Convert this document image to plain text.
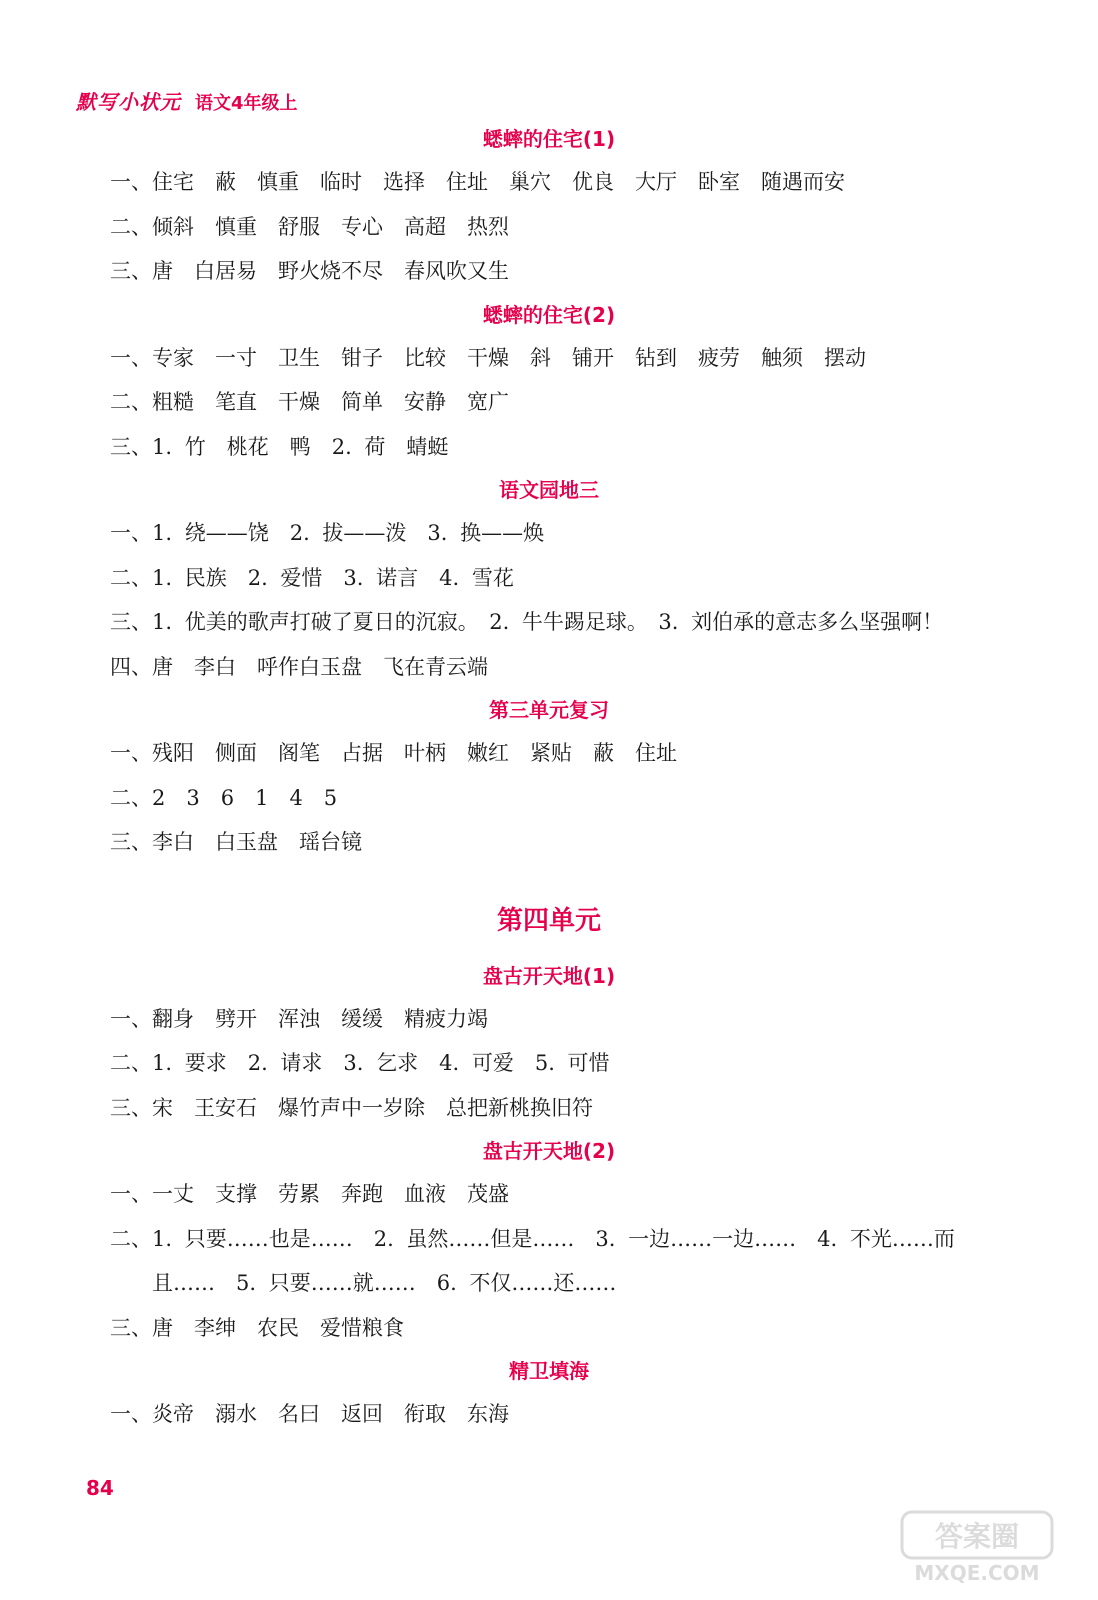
默写小状元 语文4年级上
蟋蟀的住宅(1)
一、住宅　蔽　慎重　临时　选择　住址　巢穴　优良　大厅　卧室　随遇而安
二、倾斜　慎重　舒服　专心　高超　热烈
三、唐　白居易　野火烧不尽　春风吹又生
蟋蟀的住宅(2)
一、专家　一寸　卫生　钳子　比较　干燥　斜　铺开　钻到　疲劳　触须　摆动
二、粗糙　笔直　干燥　简单　安静　宽广
三、1. 竹　桃花　鸭　2. 荷　蜻蜓
语文园地三
一、1. 绕——饶　2. 拔——泼　3. 换——焕
二、1. 民族　2. 爱惜　3. 诺言　4. 雪花
三、1. 优美的歌声打破了夏日的沉寂。　2. 牛牛踢足球。　3. 刘伯承的意志多么坚强啊！
四、唐　李白　呼作白玉盘　飞在青云端
第三单元复习
一、残阳　侧面　阁笔　占据　叶柄　嫩红　紧贴　蔽　住址
二、2　3　6　1　4　5
三、李白　白玉盘　瑶台镜
第四单元
盘古开天地(1)
一、翻身　劈开　浑浊　缓缓　精疲力竭
二、1. 要求　2. 请求　3. 乞求　4. 可爱　5. 可惜
三、宋　王安石　爆竹声中一岁除　总把新桃换旧符
盘古开天地(2)
一、一丈　支撑　劳累　奔跑　血液　茂盛
二、1. 只要……也是……　2. 虽然……但是……　3. 一边……一边……　4. 不光……而
且……　5. 只要……就……　6. 不仅……还……
三、唐　李绅　农民　爱惜粮食
精卫填海
一、炎帝　溺水　名曰　返回　衔取　东海
84
答案圈
MXQE.COM
